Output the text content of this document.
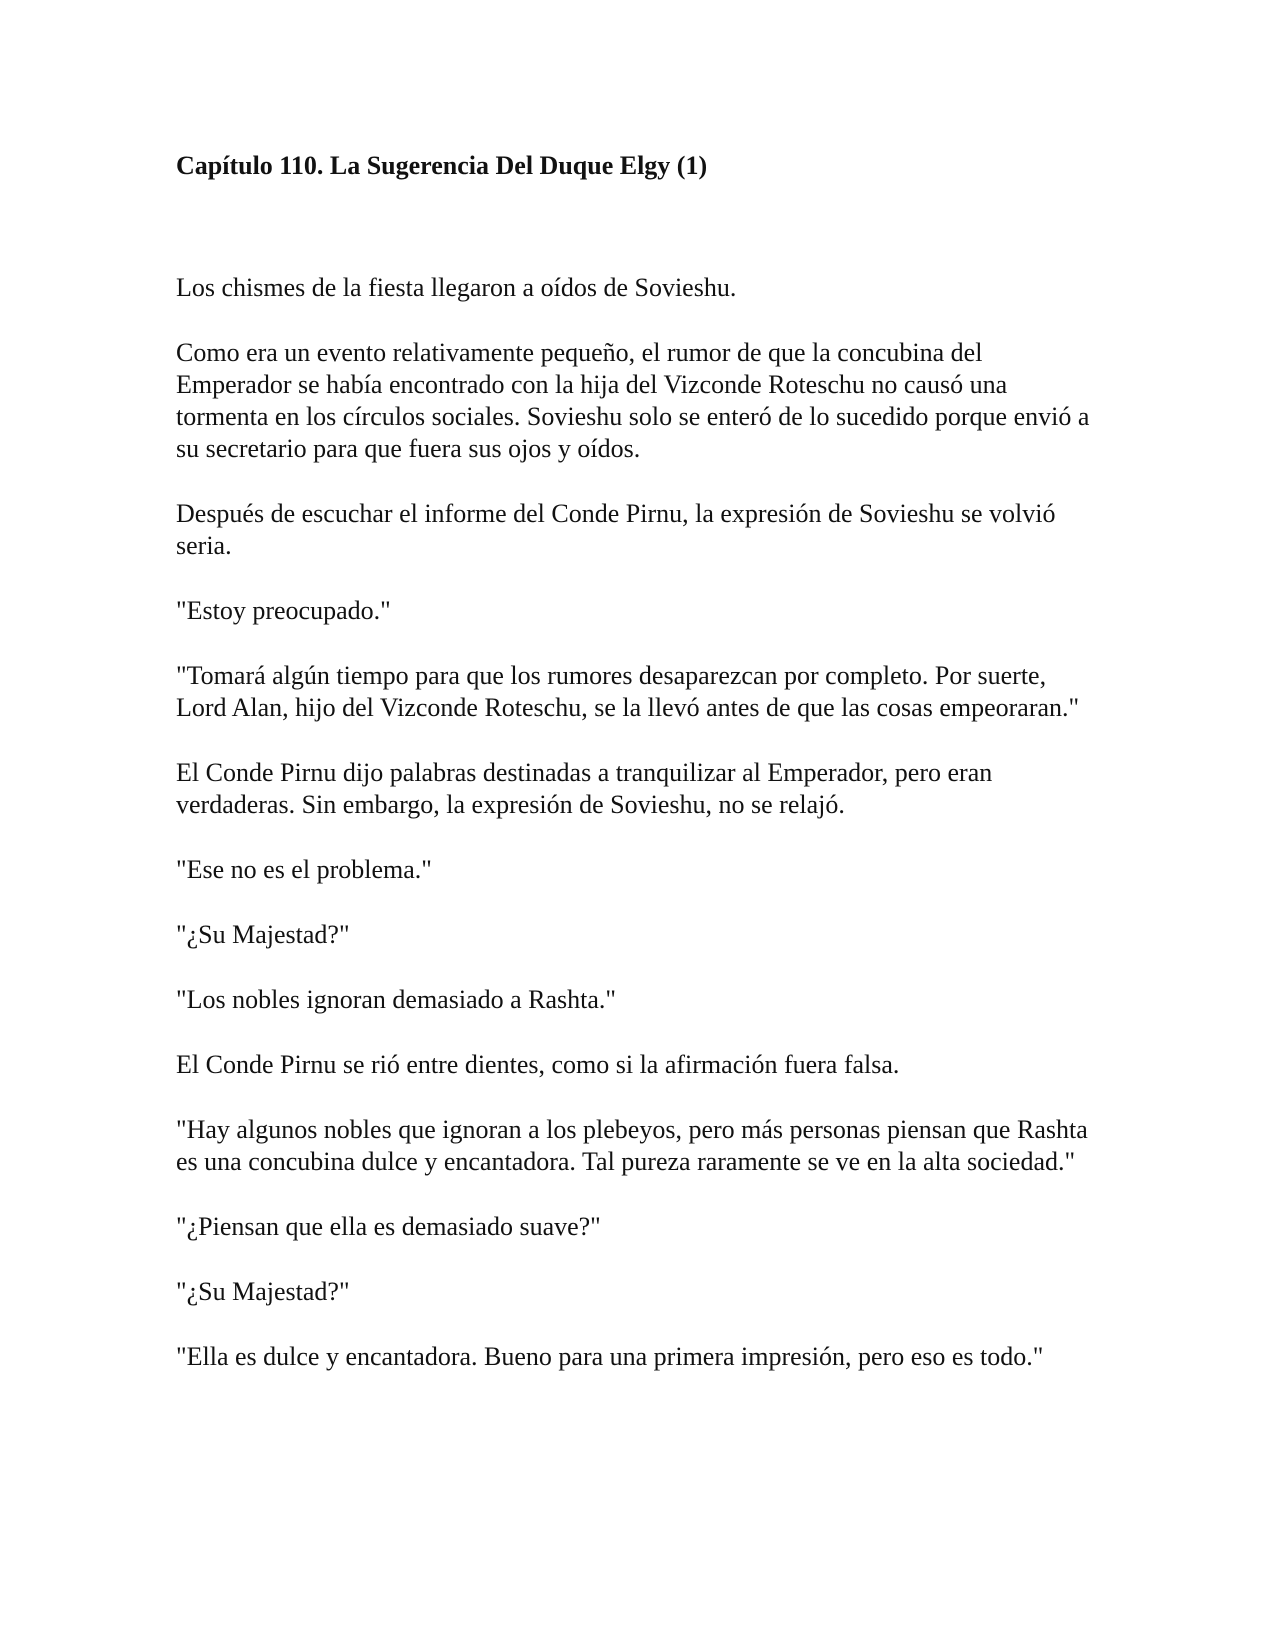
Capítulo 110. La Sugerencia Del Duque Elgy (1)

Los chismes de la fiesta llegaron a oídos de Sovieshu.

Como era un evento relativamente pequeño, el rumor de que la concubina del Emperador se había encontrado con la hija del Vizconde Roteschu no causó una tormenta en los círculos sociales. Sovieshu solo se enteró de lo sucedido porque envió a su secretario para que fuera sus ojos y oídos.

Después de escuchar el informe del Conde Pirnu, la expresión de Sovieshu se volvió seria.

"Estoy preocupado."

"Tomará algún tiempo para que los rumores desaparezcan por completo. Por suerte, Lord Alan, hijo del Vizconde Roteschu, se la llevó antes de que las cosas empeoraran."

El Conde Pirnu dijo palabras destinadas a tranquilizar al Emperador, pero eran verdaderas. Sin embargo, la expresión de Sovieshu, no se relajó.

"Ese no es el problema."

"¿Su Majestad?"

"Los nobles ignoran demasiado a Rashta."

El Conde Pirnu se rió entre dientes, como si la afirmación fuera falsa.

"Hay algunos nobles que ignoran a los plebeyos, pero más personas piensan que Rashta es una concubina dulce y encantadora. Tal pureza raramente se ve en la alta sociedad."

"¿Piensan que ella es demasiado suave?"

"¿Su Majestad?"

"Ella es dulce y encantadora. Bueno para una primera impresión, pero eso es todo."
